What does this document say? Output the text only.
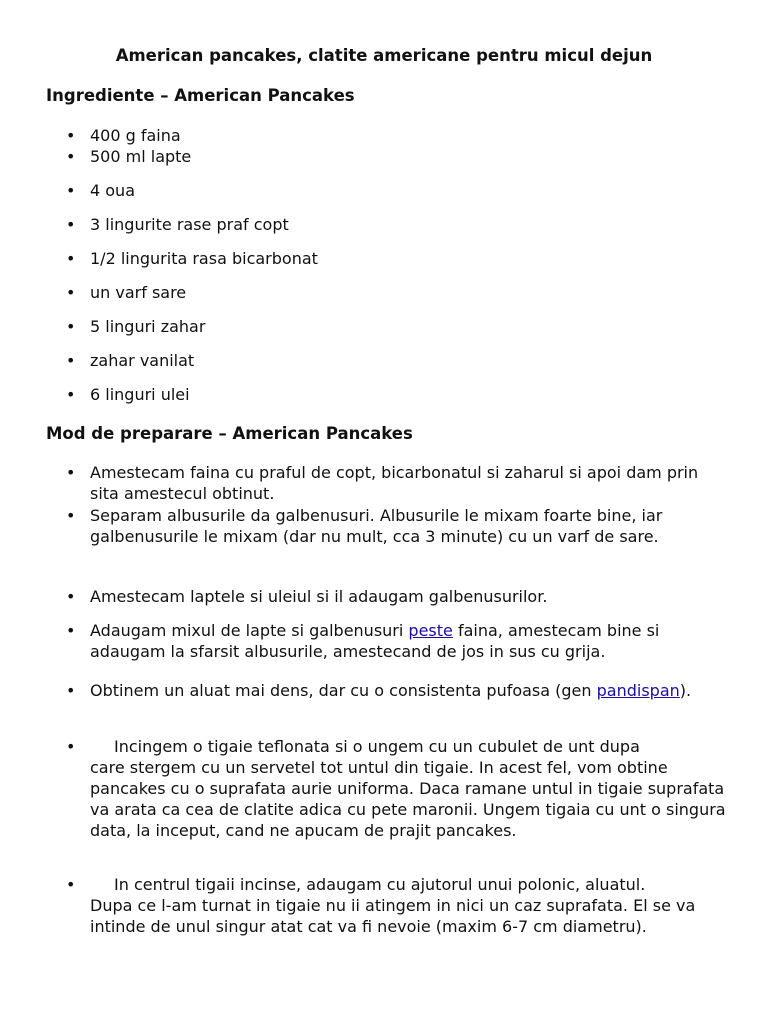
American pancakes, clatite americane pentru micul dejun
Ingrediente – American Pancakes
• 400 g faina
• 500 ml lapte
• 4 oua
• 3 lingurite rase praf copt
• 1/2 lingurita rasa bicarbonat
• un varf sare
• 5 linguri zahar
• zahar vanilat
• 6 linguri ulei
Mod de preparare – American Pancakes
• Amestecam faina cu praful de copt, bicarbonatul si zaharul si apoi dam prin sita amestecul obtinut.
• Separam albusurile da galbenusuri. Albusurile le mixam foarte bine, iar galbenusurile le mixam (dar nu mult, cca 3 minute) cu un varf de sare.
• Amestecam laptele si uleiul si il adaugam galbenusurilor.
• Adaugam mixul de lapte si galbenusuri peste faina, amestecam bine si adaugam la sfarsit albusurile, amestecand de jos in sus cu grija.
• Obtinem un aluat mai dens, dar cu o consistenta pufoasa (gen pandispan).
• Incingem o tigaie teflonata si o ungem cu un cubulet de unt dupa
care stergem cu un servetel tot untul din tigaie. In acest fel, vom obtine pancakes cu o suprafata aurie uniforma. Daca ramane untul in tigaie suprafata va arata ca cea de clatite adica cu pete maronii. Ungem tigaia cu unt o singura data, la inceput, cand ne apucam de prajit pancakes.
• In centrul tigaii incinse, adaugam cu ajutorul unui polonic, aluatul.
Dupa ce l-am turnat in tigaie nu ii atingem in nici un caz suprafata. El se va intinde de unul singur atat cat va fi nevoie (maxim 6-7 cm diametru).
